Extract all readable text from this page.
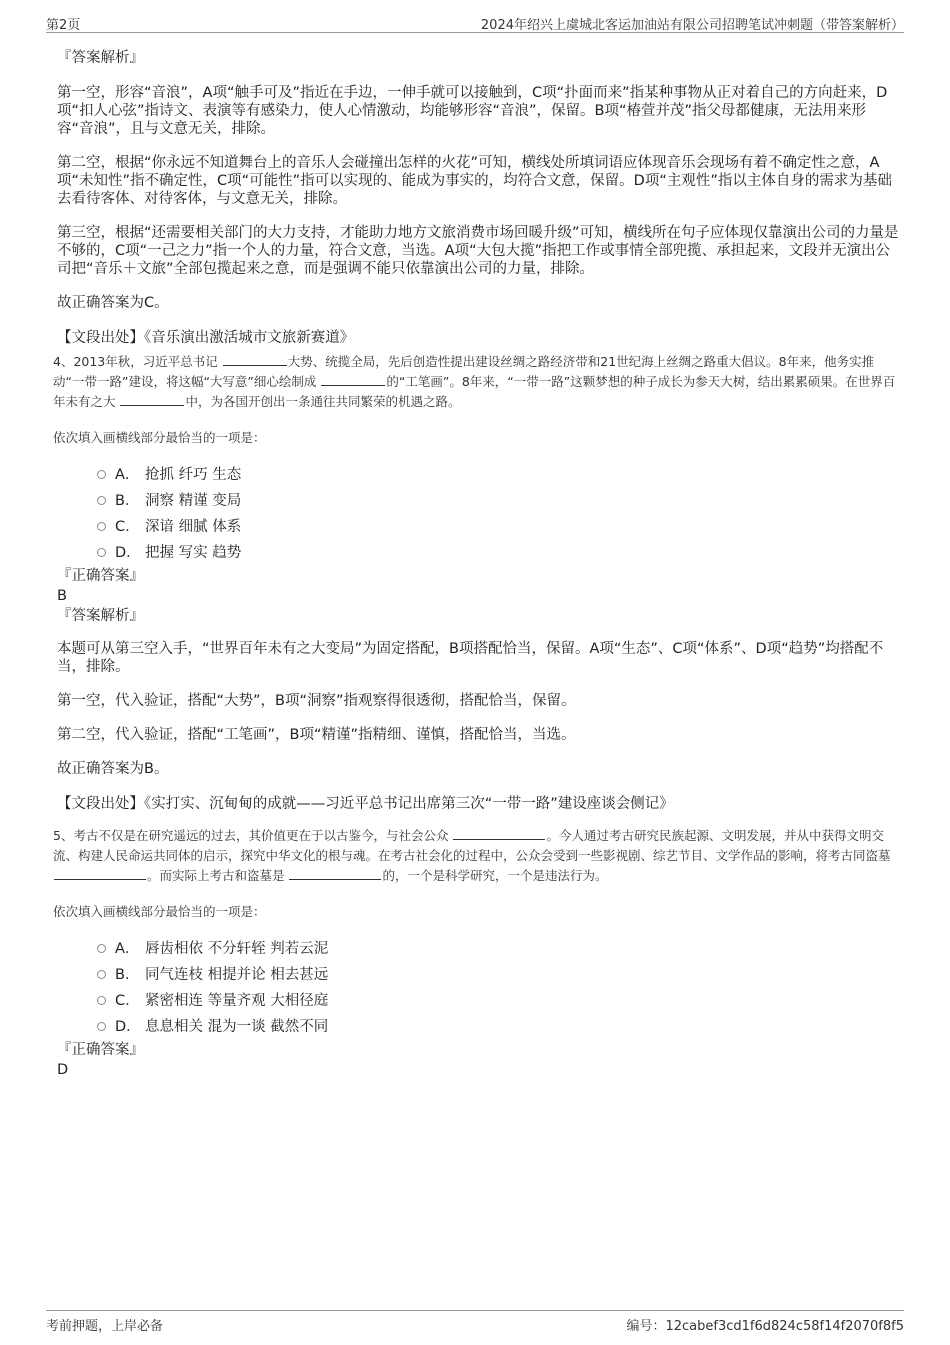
第2页	2024年绍兴上虞城北客运加油站有限公司招聘笔试冲刺题（带答案解析）

『答案解析』

第一空，形容“音浪”，A项“触手可及”指近在手边，一伸手就可以接触到，C项“扑面而来”指某种事物从正对着自己的方向赶来，D项“扣人心弦”指诗文、表演等有感染力，使人心情激动，均能够形容“音浪”，保留。B项“椿萱并茂”指父母都健康，无法用来形容“音浪”，且与文意无关，排除。

第二空，根据“你永远不知道舞台上的音乐人会碰撞出怎样的火花”可知，横线处所填词语应体现音乐会现场有着不确定性之意，A项“未知性”指不确定性，C项“可能性”指可以实现的、能成为事实的，均符合文意，保留。D项“主观性”指以主体自身的需求为基础去看待客体、对待客体，与文意无关，排除。

第三空，根据“还需要相关部门的大力支持，才能助力地方文旅消费市场回暖升级”可知，横线所在句子应体现仅靠演出公司的力量是不够的，C项“一己之力”指一个人的力量，符合文意，当选。A项“大包大揽”指把工作或事情全部兜揽、承担起来，文段并无演出公司把“音乐＋文旅”全部包揽起来之意，而是强调不能只依靠演出公司的力量，排除。

故正确答案为C。

【文段出处】《音乐演出激活城市文旅新赛道》

4、2013年秋，习近平总书记	大势、统揽全局，先后创造性提出建设丝绸之路经济带和21世纪海上丝绸之路重大倡议。8年来，他务实推动“一带一路”建设，将这幅“大写意”细心绘制成	的“工笔画”。8年来，“一带一路”这颗梦想的种子成长为参天大树，结出累累硕果。在世界百年未有之大	中，为各国开创出一条通往共同繁荣的机遇之路。

依次填入画横线部分最恰当的一项是：

A． 抢抓 纤巧 生态
B． 洞察 精谨 变局
C． 深谙 细腻 体系
D． 把握 写实 趋势

『正确答案』

B

『答案解析』

本题可从第三空入手，“世界百年未有之大变局”为固定搭配，B项搭配恰当，保留。A项“生态”、C项“体系”、D项“趋势”均搭配不当，排除。

第一空，代入验证，搭配“大势”，B项“洞察”指观察得很透彻，搭配恰当，保留。

第二空，代入验证，搭配“工笔画”，B项“精谨”指精细、谨慎，搭配恰当，当选。

故正确答案为B。

【文段出处】《实打实、沉甸甸的成就——习近平总书记出席第三次“一带一路”建设座谈会侧记》

5、考古不仅是在研究遥远的过去，其价值更在于以古鉴今，与社会公众	。今人通过考古研究民族起源、文明发展，并从中获得文明交流、构建人民命运共同体的启示，探究中华文化的根与魂。在考古社会化的过程中，公众会受到一些影视剧、综艺节目、文学作品的影响，将考古同盗墓 。而实际上考古和盗墓是	的，一个是科学研究，一个是违法行为。

依次填入画横线部分最恰当的一项是：

A． 唇齿相依 不分轩轾 判若云泥
B． 同气连枝 相提并论 相去甚远
C． 紧密相连 等量齐观 大相径庭
D． 息息相关 混为一谈 截然不同

『正确答案』

D

考前押题，上岸必备	编号：12cabef3cd1f6d824c58f14f2070f8f5
